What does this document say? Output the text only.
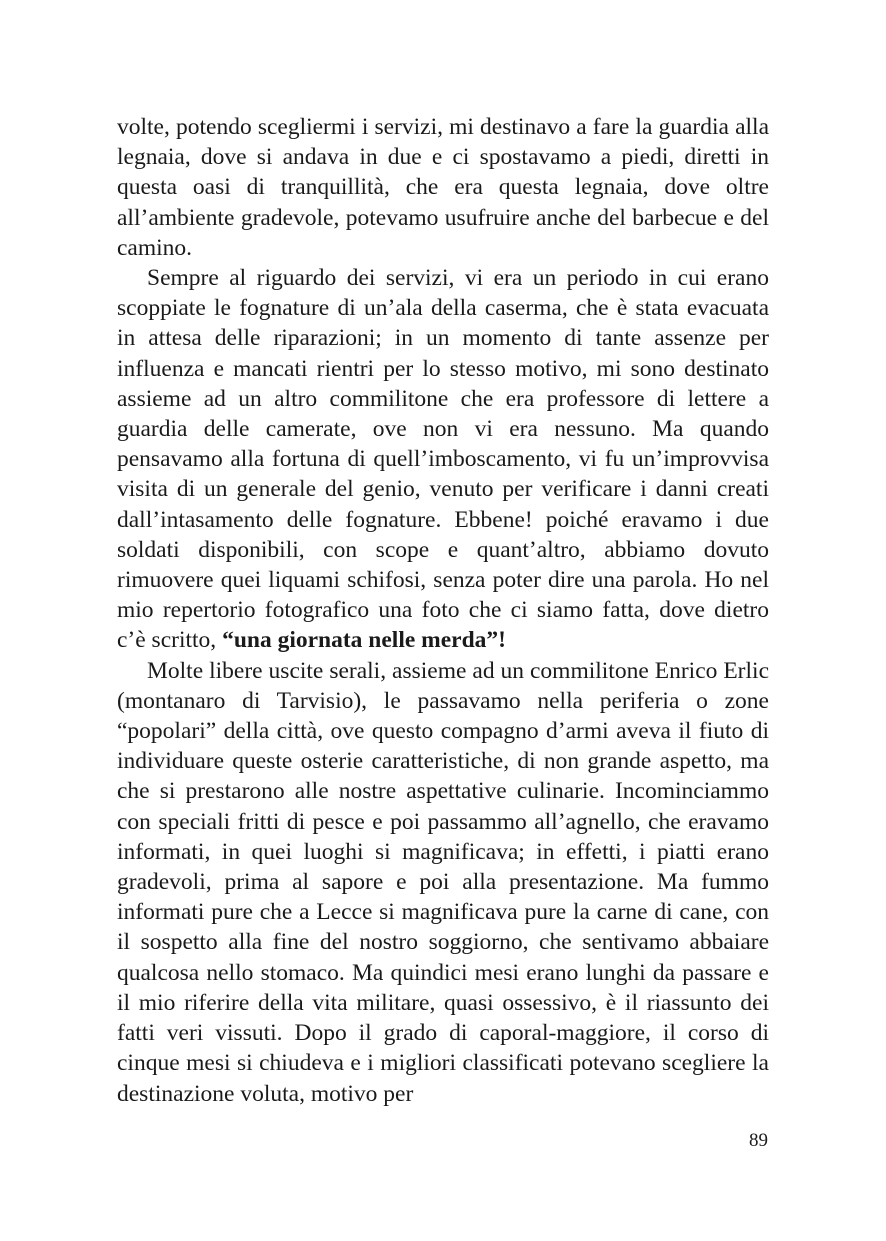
volte, potendo scegliermi i servizi, mi destinavo a fare la guardia alla legnaia, dove si andava in due e ci spostavamo a piedi, diretti in questa oasi di tranquillità, che era questa legnaia, dove oltre all’ambiente gradevole, potevamo usufruire anche del barbecue e del camino.

Sempre al riguardo dei servizi, vi era un periodo in cui erano scoppiate le fognature di un’ala della caserma, che è stata evacuata in attesa delle riparazioni; in un momento di tante assenze per influenza e mancati rientri per lo stesso motivo, mi sono destinato assieme ad un altro commilitone che era professore di lettere a guardia delle camerate, ove non vi era nessuno. Ma quando pensavamo alla fortuna di quell’imboscamento, vi fu un’improvvisa visita di un generale del genio, venuto per verificare i danni creati dall’intasamento delle fognature. Ebbene! poiché eravamo i due soldati disponibili, con scope e quant’altro, abbiamo dovuto rimuovere quei liquami schifosi, senza poter dire una parola. Ho nel mio repertorio fotografico una foto che ci siamo fatta, dove dietro c’è scritto, “una giornata nelle merda”!

Molte libere uscite serali, assieme ad un commilitone Enrico Erlic (montanaro di Tarvisio), le passavamo nella periferia o zone “popolari” della città, ove questo compagno d’armi aveva il fiuto di individuare queste osterie caratteristiche, di non grande aspetto, ma che si prestarono alle nostre aspettative culinarie. Incominciammo con speciali fritti di pesce e poi passammo all’agnello, che eravamo informati, in quei luoghi si magnificava; in effetti, i piatti erano gradevoli, prima al sapore e poi alla presentazione. Ma fummo informati pure che a Lecce si magnificava pure la carne di cane, con il sospetto alla fine del nostro soggiorno, che sentivamo abbaiare qualcosa nello stomaco. Ma quindici mesi erano lunghi da passare e il mio riferire della vita militare, quasi ossessivo, è il riassunto dei fatti veri vissuti. Dopo il grado di caporal-maggiore, il corso di cinque mesi si chiudeva e i migliori classificati potevano scegliere la destinazione voluta, motivo per

89
